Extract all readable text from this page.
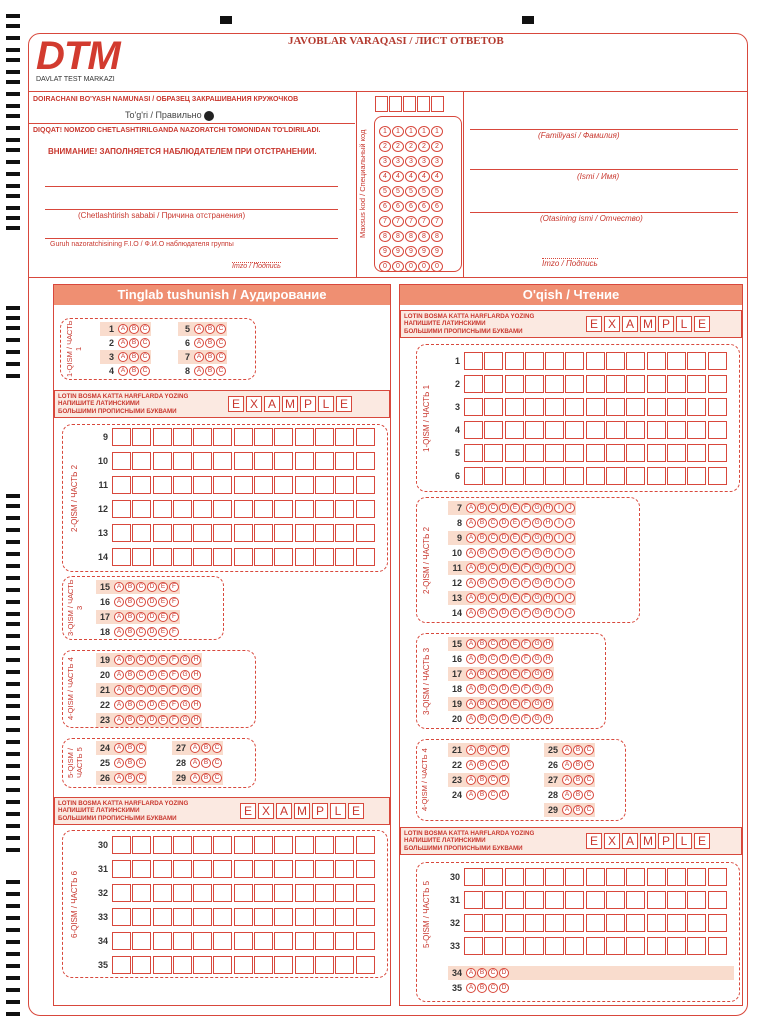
DTM
DAVLAT TEST MARKAZI
JAVOBLAR VARAQASI / ЛИСТ ОТВЕТОВ
DOIRACHANI BO'YASH NAMUNASI / ОБРАЗЕЦ ЗАКРАШИВАНИЯ КРУЖОЧКОВ
To'g'ri / Правильно
DIQQAT! NOMZOD CHETLASHTIRILGANDA NAZORATCHI TOMONIDAN TO'LDIRILADI.
ВНИМАНИЕ! ЗАПОЛНЯЕТСЯ НАБЛЮДАТЕЛЕМ ПРИ ОТСТРАНЕНИИ.
(Chetlashtirish sababi / Причина отстранения)
Guruh nazoratchisining F.I.O / Ф.И.О наблюдателя группы
Imzo / Подпись
Maxsus kod / Специальный код	1 1 1 1 1
2 2 2 2 2
3 3 3 3 3
4 4 4 4 4
5 5 5 5 5
6 6 6 6 6
7 7 7 7 7
8 8 8 8 8
9 9 9 9 9
0 0 0 0 0
(Familiyasi / Фамилия)
(Ismi / Имя)
(Otasining ismi / Отчество)
Imzo / Подпись
Tinglab tushunish / Аудирование
1-QISM / ЧАСТЬ 1
LOTIN BOSMA KATTA HARFLARDA YOZING
НАПИШИТЕ ЛАТИНСКИМИ
БОЛЬШИМИ ПРОПИСНЫМИ БУКВАМИ
E X A M P L E
2-QISM / ЧАСТЬ 2
3-QISM / ЧАСТЬ 3
4-QISM / ЧАСТЬ 4
5-QISM / ЧАСТЬ 5
LOTIN BOSMA KATTA HARFLARDA YOZING
НАПИШИТЕ ЛАТИНСКИМИ
БОЛЬШИМИ ПРОПИСНЫМИ БУКВАМИ
E X A M P L E
6-QISM / ЧАСТЬ 6
O'qish / Чтение
LOTIN BOSMA KATTA HARFLARDA YOZING
НАПИШИТЕ ЛАТИНСКИМИ
БОЛЬШИМИ ПРОПИСНЫМИ БУКВАМИ
E X A M P L E
1-QISM / ЧАСТЬ 1
2-QISM / ЧАСТЬ 2
3-QISM / ЧАСТЬ 3
4-QISM / ЧАСТЬ 4
LOTIN BOSMA KATTA HARFLARDA YOZING
НАПИШИТЕ ЛАТИНСКИМИ
БОЛЬШИМИ ПРОПИСНЫМИ БУКВАМИ
E X A M P L E
5-QISM / ЧАСТЬ 5
1	A	B C
2	A	B C
3	A	B C
4	A	B C
5	A	B C
6	A	B C
7	A	B C
8	A	B C
9
10
11
12
13
14
15	A	B C D E	F
16	A	B C D E	F
17	A	B C D E	F
18	A	B C D E	F
19	A	B C D E	F G H
20	A	B C D E	F G H
21	A	B C D E	F G H
22	A	B C D E	F G H
23	A	B C D E	F G H
24	A	B C
25	A	B C
26	A	B C
27	A	B C
28	A	B C
29	A	B C
30
31
32
33
34
35
1
2
3
4
5
6
7	A	B C D E	F G H	I	J
8	A	B C D E	F G H	I	J
9	A	B C D E	F G H	I	J
10	A	B C D E	F G H	I	J
11	A	B C D E	F G H	I	J
12	A	B C D E	F G H	I	J
13	A	B C D E	F G H	I	J
14	A	B C D E	F G H	I	J
15	A	B C D E	F G H
16	A	B C D E	F G H
17	A	B C D E	F G H
18	A	B C D E	F G H
19	A	B C D E	F G H
20	A	B C D E	F G H
21	A	B C D
22	A	B C D
23	A	B C D
24	A	B C D
25	A	B C
26	A	B C
27	A	B C
28	A	B C
29	A	B C
30
31
32
33
34	A	B C D
35	A	B C D
